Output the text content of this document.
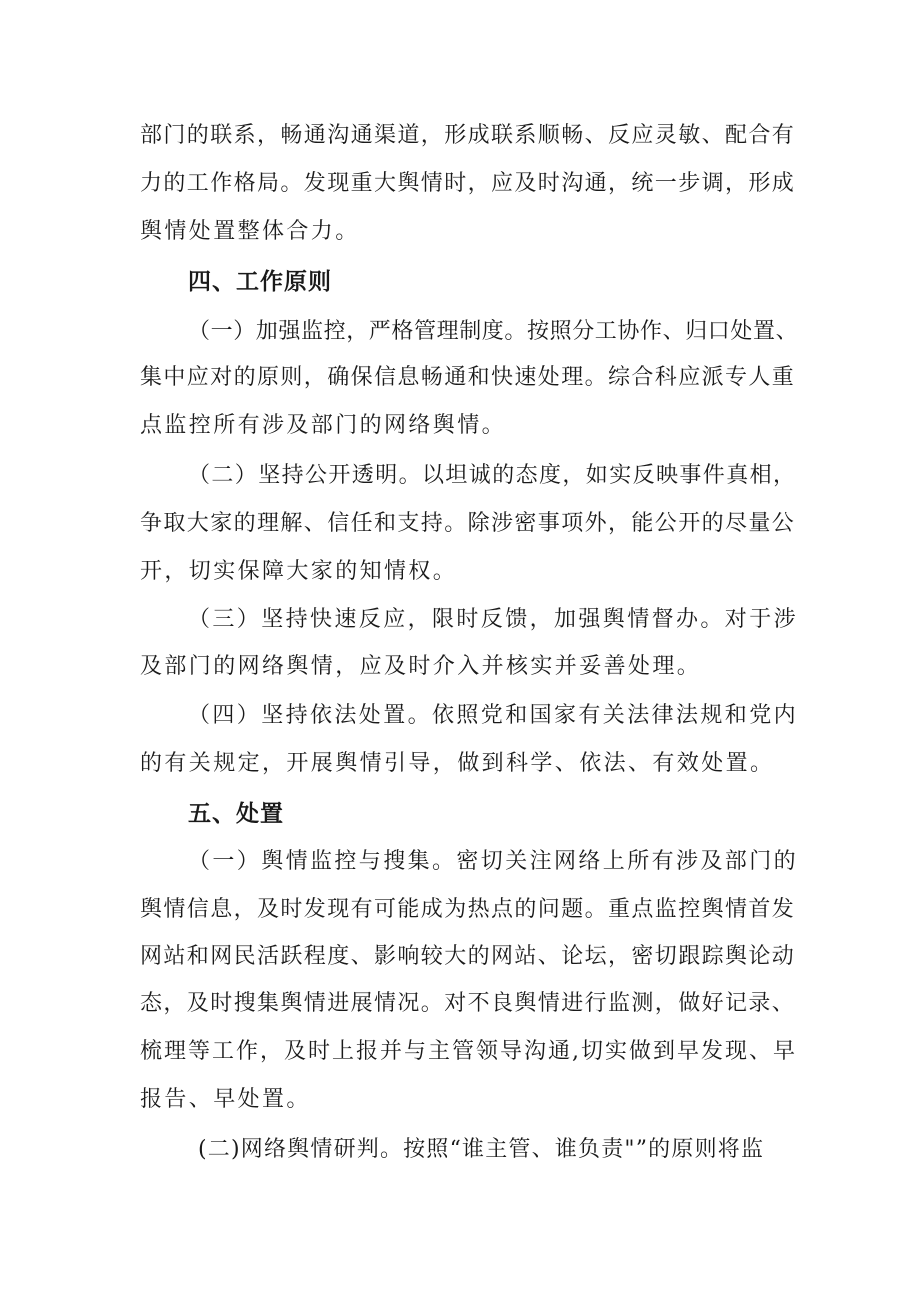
部门的联系，畅通沟通渠道，形成联系顺畅、反应灵敏、配合有
力的工作格局。发现重大舆情时，应及时沟通，统一步调，形成
舆情处置整体合力。
四、工作原则
（一）加强监控，严格管理制度。按照分工协作、归口处置、
集中应对的原则，确保信息畅通和快速处理。综合科应派专人重
点监控所有涉及部门的网络舆情。
（二）坚持公开透明。以坦诚的态度，如实反映事件真相，
争取大家的理解、信任和支持。除涉密事项外，能公开的尽量公
开，切实保障大家的知情权。
（三）坚持快速反应，限时反馈，加强舆情督办。对于涉
及部门的网络舆情，应及时介入并核实并妥善处理。
（四）坚持依法处置。依照党和国家有关法律法规和党内
的有关规定，开展舆情引导，做到科学、依法、有效处置。
五、处置
（一）舆情监控与搜集。密切关注网络上所有涉及部门的
舆情信息，及时发现有可能成为热点的问题。重点监控舆情首发
网站和网民活跃程度、影响较大的网站、论坛，密切跟踪舆论动
态，及时搜集舆情进展情况。对不良舆情进行监测，做好记录、
梳理等工作，及时上报并与主管领导沟通,切实做到早发现、早
报告、早处置。
(二)网络舆情研判。按照“谁主管、谁负责"”的原则将监
